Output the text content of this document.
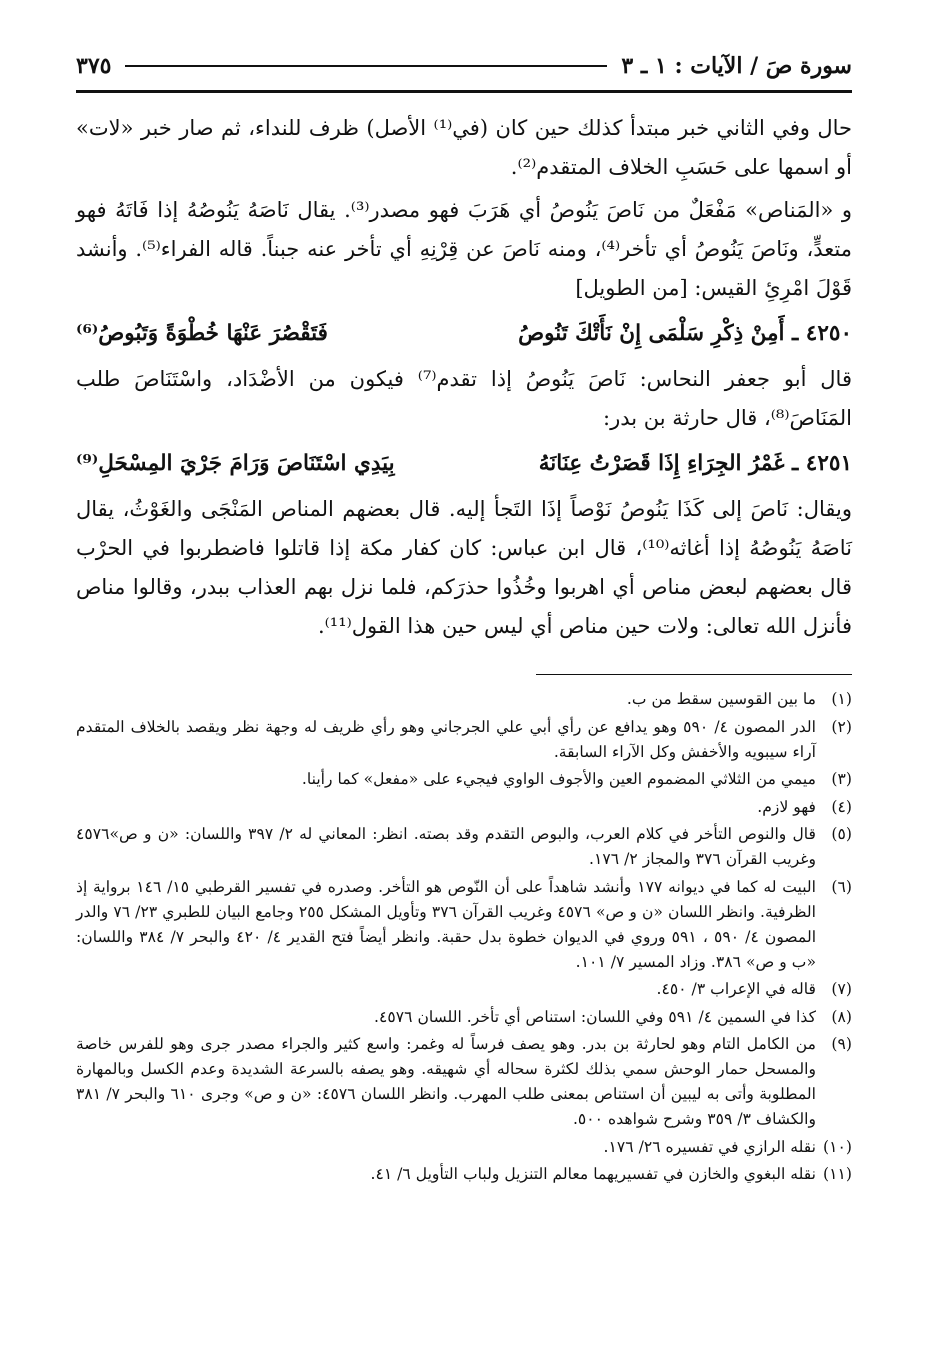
سورة صَ / الآيات : ١ ـ ٣
٣٧٥

حال وفي الثاني خبر مبتدأ كذلك حين كان (في⁽¹⁾ الأصل) ظرف للنداء، ثم صار خبر «لات» أو اسمها على حَسَبِ الخلاف المتقدم⁽²⁾.

و «المَناص» مَفْعَلٌ من نَاصَ يَنُوصُ أي هَرَبَ فهو مصدر⁽³⁾. يقال نَاصَهُ يَنُوصُهُ إذا فَاتَهُ فهو متعدٍّ، ونَاصَ يَنُوصُ أي تأخر⁽⁴⁾، ومنه نَاصَ عن قِرْنِهِ أي تأخر عنه جبناً. قاله الفراء⁽⁵⁾. وأنشد قَوْلَ امْرِئِ القيس: [من الطويل]

٤٢٥٠ ـ أَمِنْ ذِكْرِ سَلْمَى إِنْ نَأَتْكَ تَنُوصُ
فَتَقْصُرَ عَنْهَا خُطْوَةً وَتَبُوصُ⁽⁶⁾

قال أبو جعفر النحاس: نَاصَ يَنُوصُ إذا تقدم⁽⁷⁾ فيكون من الأضْدَاد، واسْتَنَاصَ طلب المَنَاصَ⁽⁸⁾، قال حارثة بن بدر:

٤٢٥١ ـ غَمْرُ الجِرَاءِ إِذَا قَصَرْتُ عِنَانَهُ
بِيَدِي اسْتَنَاصَ وَرَامَ جَرْيَ المِسْحَلِ⁽⁹⁾

ويقال: نَاصَ إلى كَذَا يَنُوصُ نَوْصاً إذَا التَجأ إليه. قال بعضهم المناص المَنْجَى والغَوْثُ، يقال نَاصَهُ يَنُوصُهُ إذا أغاثه⁽¹⁰⁾، قال ابن عباس: كان كفار مكة إذا قاتلوا فاضطربوا في الحرْب قال بعضهم لبعض مناص أي اهربوا وخُذُوا حذرَكم، فلما نزل بهم العذاب ببدر، وقالوا مناص فأنزل الله تعالى: ولات حين مناص أي ليس حين هذا القول⁽¹¹⁾.

(١)
ما بين القوسين سقط من ب.
(٢)
الدر المصون ٤/ ٥٩٠ وهو يدافع عن رأي أبي علي الجرجاني وهو رأي ظريف له وجهة نظر ويقصد بالخلاف المتقدم آراء سيبويه والأخفش وكل الآراء السابقة.
(٣)
ميمي من الثلاثي المضموم العين والأجوف الواوي فيجيء على «مفعل» كما رأينا.
(٤)
فهو لازم.
(٥)
قال والنوص التأخر في كلام العرب، والبوص التقدم وقد بصته. انظر: المعاني له ٢/ ٣٩٧ واللسان: «ن و ص»٤٥٧٦ وغريب القرآن ٣٧٦ والمجاز ٢/ ١٧٦.
(٦)
البيت له كما في ديوانه ١٧٧ وأنشد شاهداً على أن النّوص هو التأخر. وصدره في تفسير القرطبي ١٥/ ١٤٦ برواية إذ الظرفية. وانظر اللسان «ن و ص» ٤٥٧٦ وغريب القرآن ٣٧٦ وتأويل المشكل ٢٥٥ وجامع البيان للطبري ٢٣/ ٧٦ والدر المصون ٤/ ٥٩٠ ، ٥٩١ وروي في الديوان خطوة بدل حقبة. وانظر أيضاً فتح القدير ٤/ ٤٢٠ والبحر ٧/ ٣٨٤ واللسان: «ب و ص» ٣٨٦. وزاد المسير ٧/ ١٠١.
(٧)
قاله في الإعراب ٣/ ٤٥٠.
(٨)
كذا في السمين ٤/ ٥٩١ وفي اللسان: استناص أي تأخر. اللسان ٤٥٧٦.
(٩)
من الكامل التام وهو لحارثة بن بدر. وهو يصف فرساً له وغمر: واسع كثير والجراء مصدر جرى وهو للفرس خاصة والمسحل حمار الوحش سمي بذلك لكثرة سحاله أي شهيقه. وهو يصفه بالسرعة الشديدة وعدم الكسل وبالمهارة المطلوبة وأتى به ليبين أن استناص بمعنى طلب المهرب. وانظر اللسان ٤٥٧٦: «ن و ص» وجرى ٦١٠ والبحر ٧/ ٣٨١ والكشاف ٣/ ٣٥٩ وشرح شواهده ٥٠٠.
(١٠)
نقله الرازي في تفسيره ٢٦/ ١٧٦.
(١١)
نقله البغوي والخازن في تفسيريهما معالم التنزيل ولباب التأويل ٦/ ٤١.
